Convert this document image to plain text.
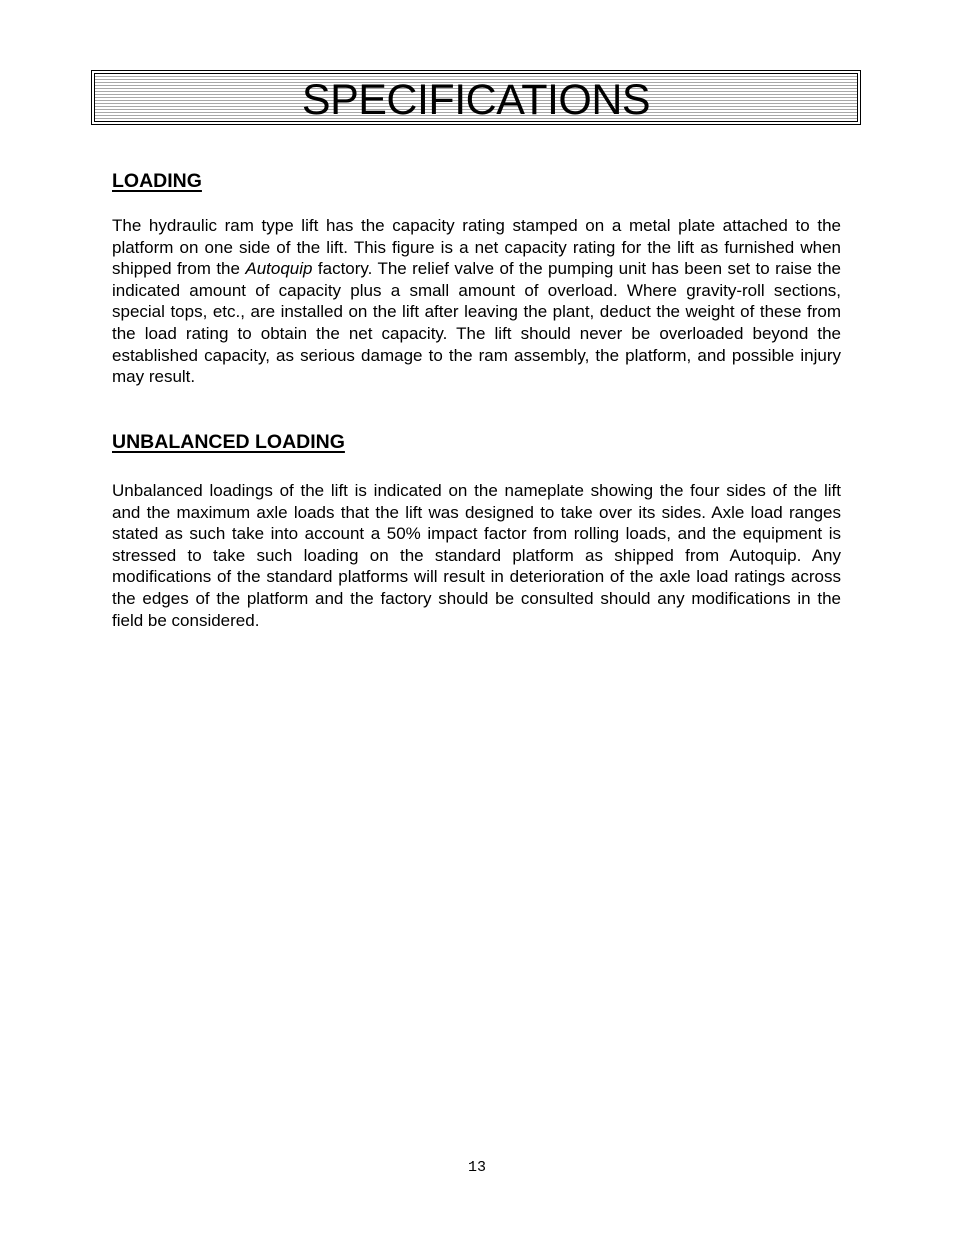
SPECIFICATIONS
LOADING

The hydraulic ram type lift has the capacity rating stamped on a metal plate attached to the platform on one side of the lift. This figure is a net capacity rating for the lift as furnished when shipped from the Autoquip factory. The relief valve of the pumping unit has been set to raise the indicated amount of capacity plus a small amount of overload. Where gravity-roll sections, special tops, etc., are installed on the lift after leaving the plant, deduct the weight of these from the load rating to obtain the net capacity. The lift should never be overloaded beyond the established capacity, as serious damage to the ram assembly, the platform, and possible injury may result.

UNBALANCED LOADING

Unbalanced loadings of the lift is indicated on the nameplate showing the four sides of the lift and the maximum axle loads that the lift was designed to take over its sides. Axle load ranges stated as such take into account a 50% impact factor from rolling loads, and the equipment is stressed to take such loading on the standard platform as shipped from Autoquip. Any modifications of the standard platforms will result in deterioration of the axle load ratings across the edges of the platform and the factory should be consulted should any modifications in the field be considered.

13
